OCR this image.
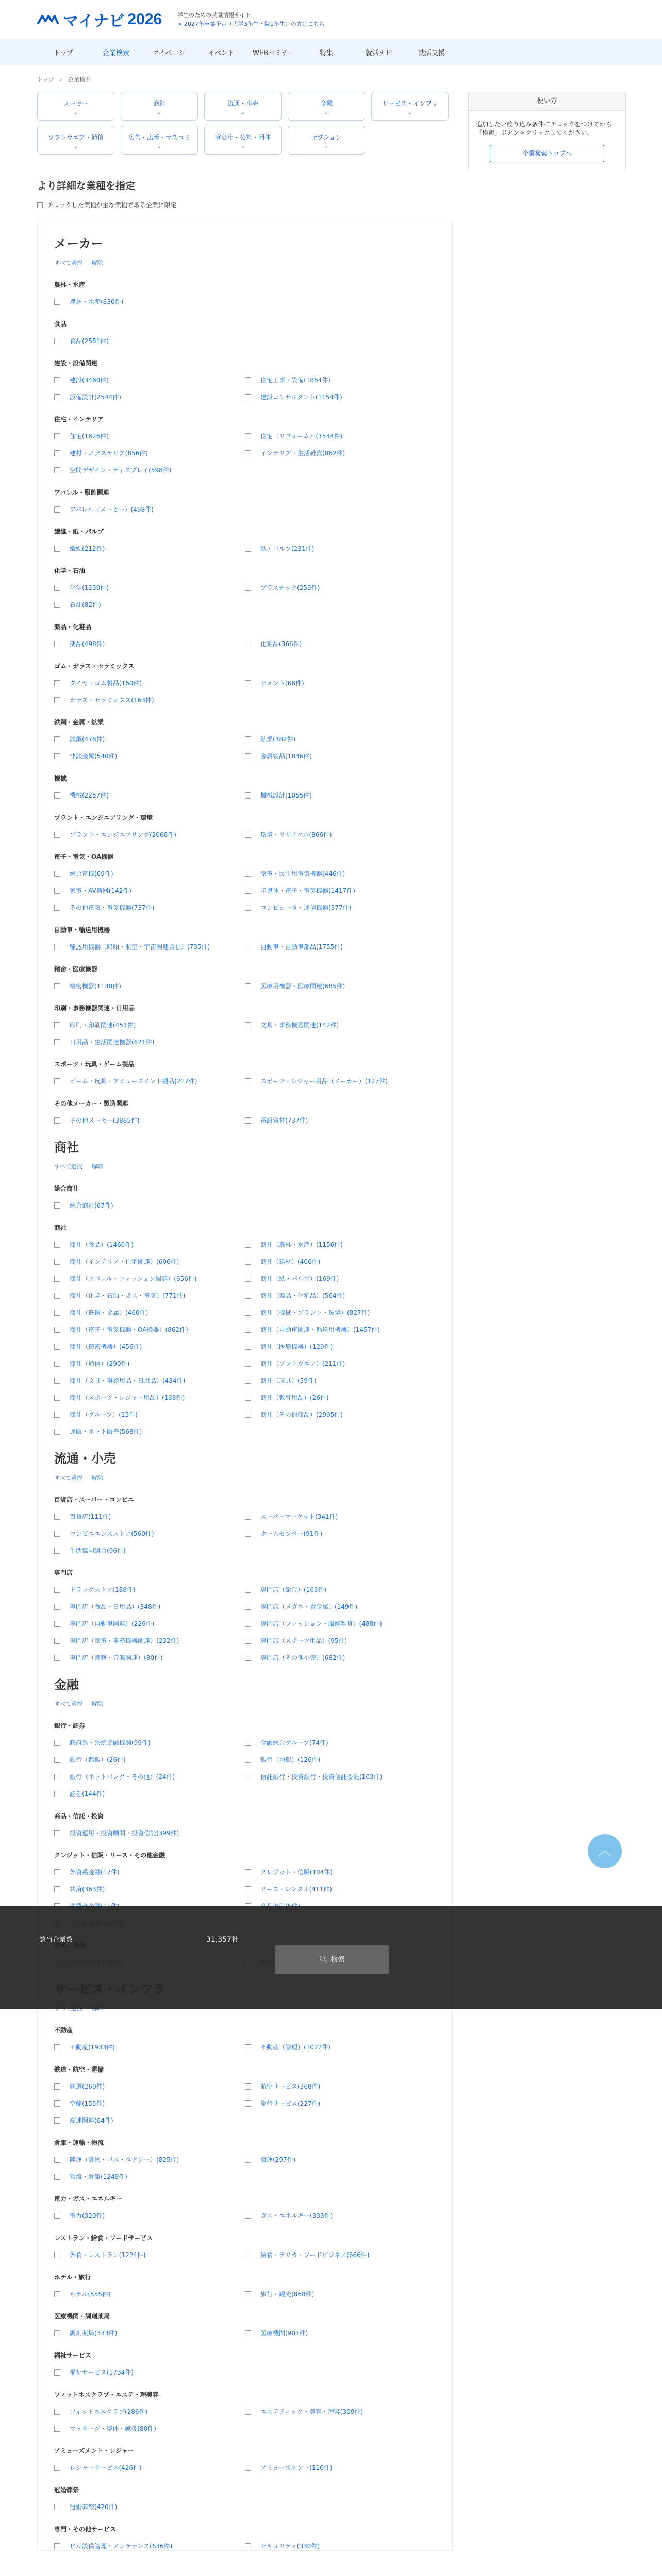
マイナビ 2026	学生のための就職情報サイト
> 2027年卒業予定（大学3年生・院1年生）の方はこちら
トップ	企業検索	マイページ	イベント	WEBセミナー	特集	就活ナビ	就活支援
トップ › 企業検索
メーカー
⌄
商社
⌄
流通・小売
⌄
金融
⌄
サービス・インフラ
⌄
ソフトウエア・通信
⌄
広告・出版・マスコミ
⌄
官公庁・公社・団体
⌄
オプション
⌄
より詳細な業種を指定
チェックした業種が主な業種である企業に限定
メーカー
すべて選択 解除
農林・水産
農林・水産(830件)
食品
食品(2581件)
建設・設備関連
建設(3460件)	住宅工事・設備(1864件)
設備設計(2544件)	建設コンサルタント(1154件)
住宅・インテリア
住宅(1626件)	住宅（リフォーム）(1534件)
建材・エクステリア(856件)	インテリア・生活雑貨(862件)
空間デザイン・ディスプレイ(598件)
アパレル・服飾関連
アパレル（メーカー）(498件)
繊維・紙・パルプ
繊維(212件)	紙・パルプ(231件)
化学・石油
化学(1230件)	プラスチック(253件)
石油(82件)
薬品・化粧品
薬品(498件)	化粧品(366件)
ゴム・ガラス・セラミックス
タイヤ・ゴム製品(160件)	セメント(68件)
ガラス・セラミックス(163件)
鉄鋼・金属・鉱業
鉄鋼(478件)	鉱業(382件)
非鉄金属(540件)	金属製品(1836件)
機械
機械(2257件)	機械設計(1055件)
プラント・エンジニアリング・環境
プラント・エンジニアリング(2068件)	環境・リサイクル(866件)
電子・電気・OA機器
総合電機(69件)	家電・民生用電気機器(446件)
家電・AV機器(142件)	半導体・電子・電気機器(1417件)
その他電気・電気機器(737件)	コンピュータ・通信機器(377件)
自動車・輸送用機器
輸送用機器（船舶・航空・宇宙関連含む）(735件)	自動車・自動車部品(1755件)
精密・医療機器
精密機器(1138件)	医療用機器・医療関連(685件)
印刷・事務機器関連・日用品
印刷・印刷関連(451件)	文具・事務機器関連(142件)
日用品・生活関連機器(621件)
スポーツ・玩具・ゲーム製品
ゲーム・玩具・アミューズメント製品(217件)	スポーツ・レジャー用品（メーカー）(127件)
その他メーカー・製造関連
その他メーカー(3865件)	電設資材(737件)
商社
すべて選択 解除
総合商社
総合商社(67件)
商社
商社（食品）(1460件)	商社（農林・水産）(1156件)
商社（インテリア・住宅関連）(606件)	商社（建材）(406件)
商社（アパレル・ファッション関連）(656件)	商社（紙・パルプ）(169件)
商社（化学・石油・ガス・電気）(771件)	商社（薬品・化粧品）(564件)
商社（鉄鋼・金属）(460件)	商社（機械・プラント・環境）(827件)
商社（電子・電気機器・OA機器）(862件)	商社（自動車関連・輸送用機器）(1457件)
商社（精密機器）(456件)	商社（医療機器）(129件)
商社（通信）(290件)	商社（ソフトウエア）(211件)
商社（文具・事務用品・日用品）(434件)	商社（玩具）(59件)
商社（スポーツ・レジャー用品）(138件)	商社（教育用品）(26件)
商社（グループ）(15件)	商社（その他商品）(2995件)
通販・ネット販売(568件)
流通・小売
すべて選択 解除
百貨店・スーパー・コンビニ
百貨店(111件)	スーパーマーケット(341件)
コンビニエンスストア(560件)	ホームセンター(91件)
生活協同組合(96件)
専門店
ドラッグストア(188件)	専門店（総合）(163件)
専門店（食品・日用品）(348件)	専門店（メガネ・貴金属）(149件)
専門店（自動車関連）(226件)	専門店（ファッション・服飾雑貨）(488件)
専門店（家電・事務機器関連）(232件)	専門店（スポーツ用品）(95件)
専門店（書籍・音楽関連）(80件)	専門店（その他小売）(682件)
金融
すべて選択 解除
銀行・証券
政府系・系統金融機関(99件)	金融総合グループ(74件)
銀行（都銀）(26件)	銀行（地銀）(126件)
銀行（ネットバンク・その他）(24件)	信託銀行・投資銀行・投資信託委託(103件)
証券(144件)
商品・信託・投資
投資運用・投資顧問・投資信託(399件)
クレジット・信販・リース・その他金融
外資系金融(17件)	クレジット・信販(104件)
共済(363件)	リース・レンタル(411件)
不動産
不動産(1933件)	不動産（管理）(1022件)
鉄道・航空・運輸
鉄道(260件)	航空サービス(368件)
空輸(155件)	旅行サービス(227件)
高速関連(64件)
倉庫・運輸・物流
陸運（貨物・バス・タクシー）(825件)	海運(297件)
物流・倉庫(1249件)
電力・ガス・エネルギー
電力(320件)	ガス・エネルギー(333件)
レストラン・給食・フードサービス
外食・レストラン(1224件)	給食・デリカ・フードビジネス(666件)
ホテル・旅行
ホテル(555件)	旅行・観光(868件)
医療機関・調剤薬局
調剤薬局(333件)	医療機関(901件)
福祉サービス
福祉サービス(1734件)
フィットネスクラブ・エステ・理美容
フィットネスクラブ(286件)	エステティック・美容・理容(309件)
マッサージ・整体・鍼灸(80件)
アミューズメント・レジャー
レジャーサービス(426件)	アミューズメント(116件)
冠婚葬祭
冠婚葬祭(420件)
専門・その他サービス
ビル設備管理・メンテナンス(636件)	セキュリティ(330件)
使い方
追加したい絞り込み条件にチェックをつけてから「検索」ボタンをクリックしてください。
企業検索トップへ
︿
該当企業数	31,357社
🔍︎ 検索
